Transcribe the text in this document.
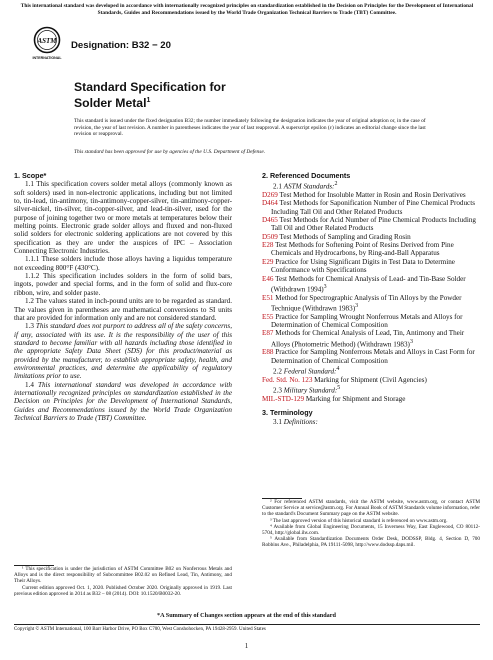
This international standard was developed in accordance with internationally recognized principles on standardization established in the Decision on Principles for the Development of International Standards, Guides and Recommendations issued by the World Trade Organization Technical Barriers to Trade (TBT) Committee.

ASTM
INTERNATIONAL

Designation: B32 − 20

Standard Specification for
Solder Metal$^1$

This standard is issued under the fixed designation B32; the number immediately following the designation indicates the year of original adoption or, in the case of revision, the year of last revision. A number in parentheses indicates the year of last reapproval. A superscript epsilon (ε) indicates an editorial change since the last revision or reapproval.

This standard has been approved for use by agencies of the U.S. Department of Defense.

1. Scope*

1.1 This specification covers solder metal alloys (commonly known as soft solders) used in non-electronic applications, including but not limited to, tin-lead, tin-antimony, tin-antimony-copper-silver, tin-antimony-copper-silver-nickel, tin-silver, tin-copper-silver, and lead-tin-silver, used for the purpose of joining together two or more metals at temperatures below their melting points. Electronic grade solder alloys and fluxed and non-fluxed solid solders for electronic soldering applications are not covered by this specification as they are under the auspices of IPC – Association Connecting Electronic Industries.

1.1.1 These solders include those alloys having a liquidus temperature not exceeding 800°F (430°C).

1.1.2 This specification includes solders in the form of solid bars, ingots, powder and special forms, and in the form of solid and flux-core ribbon, wire, and solder paste.

1.2 The values stated in inch-pound units are to be regarded as standard. The values given in parentheses are mathematical conversions to SI units that are provided for information only and are not considered standard.

1.3 This standard does not purport to address all of the safety concerns, if any, associated with its use. It is the responsibility of the user of this standard to become familiar with all hazards including those identified in the appropriate Safety Data Sheet (SDS) for this product/material as provided by the manufacturer, to establish appropriate safety, health, and environmental practices, and determine the applicability of regulatory limitations prior to use.

1.4 This international standard was developed in accordance with internationally recognized principles on standardization established in the Decision on Principles for the Development of International Standards, Guides and Recommendations issued by the World Trade Organization Technical Barriers to Trade (TBT) Committee.

2. Referenced Documents

2.1 ASTM Standards:$^2$

D269 Test Method for Insoluble Matter in Rosin and Rosin Derivatives

D464 Test Methods for Saponification Number of Pine Chemical Products Including Tall Oil and Other Related Products

D465 Test Methods for Acid Number of Pine Chemical Products Including Tall Oil and Other Related Products

D509 Test Methods of Sampling and Grading Rosin

E28 Test Methods for Softening Point of Resins Derived from Pine Chemicals and Hydrocarbons, by Ring-and-Ball Apparatus

E29 Practice for Using Significant Digits in Test Data to Determine Conformance with Specifications

E46 Test Methods for Chemical Analysis of Lead- and Tin-Base Solder (Withdrawn 1994)$^3$

E51 Method for Spectrographic Analysis of Tin Alloys by the Powder Technique (Withdrawn 1983)$^3$

E55 Practice for Sampling Wrought Nonferrous Metals and Alloys for Determination of Chemical Composition

E87 Methods for Chemical Analysis of Lead, Tin, Antimony and Their Alloys (Photometric Method) (Withdrawn 1983)$^3$

E88 Practice for Sampling Nonferrous Metals and Alloys in Cast Form for Determination of Chemical Composition

2.2 Federal Standard:$^4$

Fed. Std. No. 123 Marking for Shipment (Civil Agencies)

2.3 Military Standard:$^5$

MIL-STD-129 Marking for Shipment and Storage

3. Terminology

3.1 Definitions:

² For referenced ASTM standards, visit the ASTM website, www.astm.org, or contact ASTM Customer Service at service@astm.org. For Annual Book of ASTM Standards volume information, refer to the standard's Document Summary page on the ASTM website.

³ The last approved version of this historical standard is referenced on www.astm.org.

⁴ Available from Global Engineering Documents, 15 Inverness Way, East Englewood, CO 80112-5704, http://global.ihs.com.

⁵ Available from Standardization Documents Order Desk, DODSSP, Bldg. 4, Section D, 700 Robbins Ave., Philadelphia, PA 19111-5098, http://www.dodssp.daps.mil.

¹ This specification is under the jurisdiction of ASTM Committee B02 on Nonferrous Metals and Alloys and is the direct responsibility of Subcommittee B02.02 on Refined Lead, Tin, Antimony, and Their Alloys.

Current edition approved Oct. 1, 2020. Published October 2020. Originally approved in 1919. Last previous edition approved in 2014 as B32 – 08 (2014). DOI: 10.1520/B0032-20.

*A Summary of Changes section appears at the end of this standard

Copyright © ASTM International, 100 Barr Harbor Drive, PO Box C700, West Conshohocken, PA 19428-2959. United States

1
